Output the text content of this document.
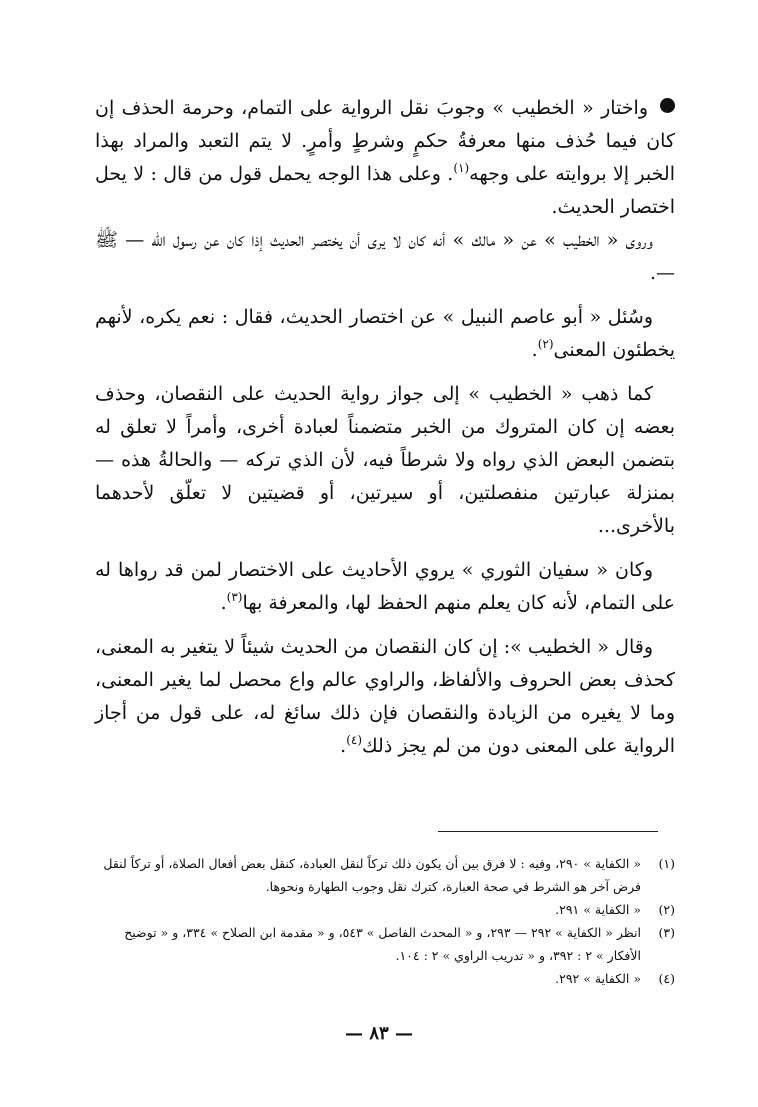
واختار « الخطيب » وجوبَ نقل الرواية على التمام، وحرمة الحذف إن كان فيما حُذف منها معرفةُ حكمٍ وشرطٍ وأمرٍ. لا يتم التعبد والمراد بهذا الخبر إلا بروايته على وجهه$^{(١)}$. وعلى هذا الوجه يحمل قول من قال : لا يحل اختصار الحديث.

وروى « الخطيب » عن « مالك » أنه كان لا يرى أن يختصر الحديث إذا كان عن رسول الله — ﷺ —.

وسُئل « أبو عاصم النبيل » عن اختصار الحديث، فقال : نعم يكره، لأنهم يخطئون المعنى$^{(٢)}$.

كما ذهب « الخطيب » إلى جواز رواية الحديث على النقصان، وحذف بعضه إن كان المتروك من الخبر متضمناً لعبادة أخرى، وأمراً لا تعلق له بتضمن البعض الذي رواه ولا شرطاً فيه، لأن الذي تركه — والحالةُ هذه — بمنزلة عبارتين منفصلتين، أو سيرتين، أو قضيتين لا تعلّق لأحدهما بالأخرى...

وكان « سفيان الثوري » يروي الأحاديث على الاختصار لمن قد رواها له على التمام، لأنه كان يعلم منهم الحفظ لها، والمعرفة بها$^{(٣)}$.

وقال « الخطيب »: إن كان النقصان من الحديث شيئاً لا يتغير به المعنى، كحذف بعض الحروف والألفاظ، والراوي عالم واع محصل لما يغير المعنى، وما لا يغيره من الزيادة والنقصان فإن ذلك سائغ له، على قول من أجاز الرواية على المعنى دون من لم يجز ذلك$^{(٤)}$.

(١)
« الكفاية » ٢٩٠، وفيه : لا فرق بين أن يكون ذلك تركاً لنقل العبادة، كنقل بعض أفعال الصلاة، أو تركاً لنقل فرض آخر هو الشرط في صحة العبارة، كترك نقل وجوب الطهارة ونحوها.

(٢)
« الكفاية » ٢٩١.

(٣)
انظر « الكفاية » ٢٩٢ — ٢٩٣، و « المحدث الفاصل » ٥٤٣، و « مقدمة ابن الصلاح » ٣٣٤، و « توضيح الأفكار » ٢ : ٣٩٢، و « تدريب الراوي » ٢ : ١٠٤.

(٤)
« الكفاية » ٢٩٢.

— ٨٣ —
